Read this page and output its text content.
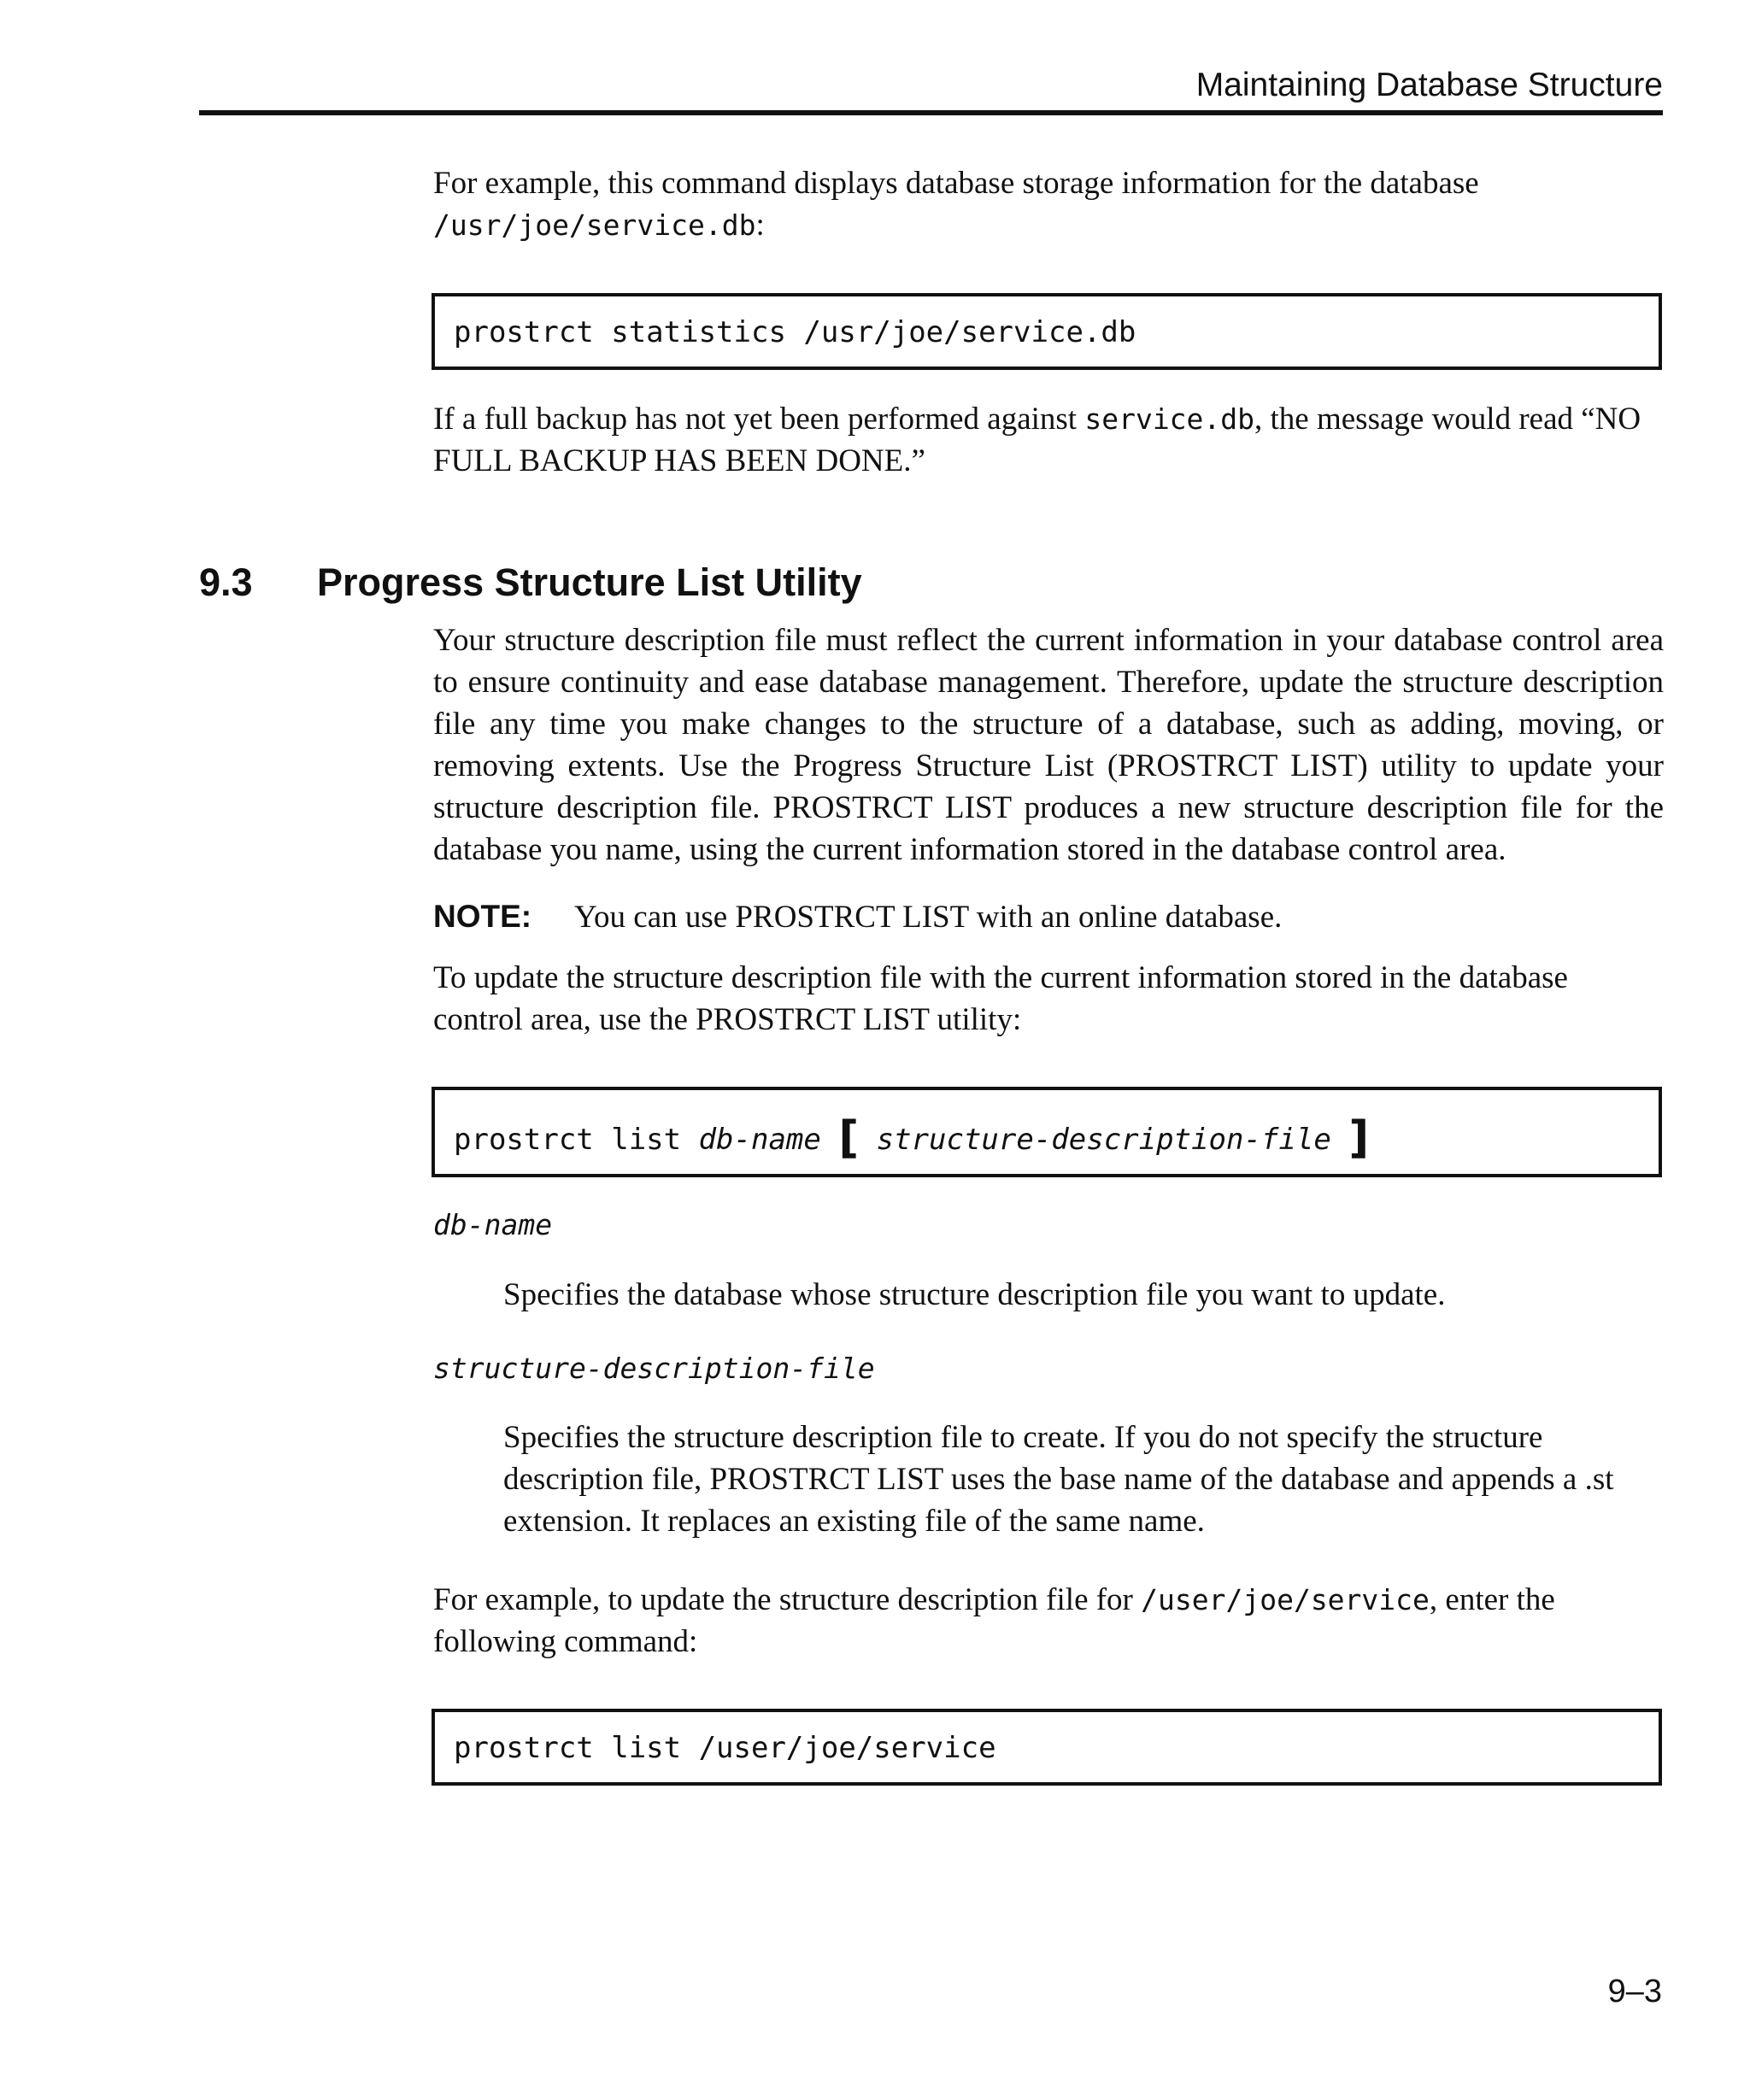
Maintaining Database Structure

For example, this command displays database storage information for the database
/usr/joe/service.db:

prostrct statistics /usr/joe/service.db

If a full backup has not yet been performed against service.db, the message would read “NO FULL BACKUP HAS BEEN DONE.”

9.3 Progress Structure List Utility

Your structure description file must reflect the current information in your database control area to ensure continuity and ease database management. Therefore, update the structure description file any time you make changes to the structure of a database, such as adding, moving, or removing extents. Use the Progress Structure List (PROSTRCT LIST) utility to update your structure description file. PROSTRCT LIST produces a new structure description file for the database you name, using the current information stored in the database control area.

NOTE: You can use PROSTRCT LIST with an online database.

To update the structure description file with the current information stored in the database control area, use the PROSTRCT LIST utility:

prostrct list db-name [ structure-description-file ]
db-name
Specifies the database whose structure description file you want to update.
structure-description-file
Specifies the structure description file to create. If you do not specify the structure description file, PROSTRCT LIST uses the base name of the database and appends a .st extension. It replaces an existing file of the same name.

For example, to update the structure description file for /user/joe/service, enter the following command:

prostrct list /user/joe/service
9–3
